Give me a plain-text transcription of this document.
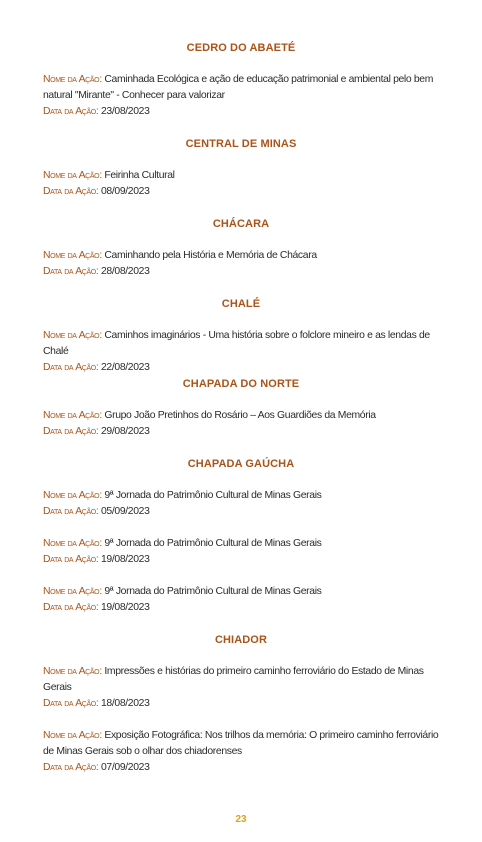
CEDRO DO ABAETÉ
Nome da Ação: Caminhada Ecológica e ação de educação patrimonial e ambiental pelo bem natural "Mirante" - Conhecer para valorizar
Data da Ação: 23/08/2023
CENTRAL DE MINAS
Nome da Ação: Feirinha Cultural
Data da Ação: 08/09/2023
CHÁCARA
Nome da Ação: Caminhando pela História e Memória de Chácara
Data da Ação: 28/08/2023
CHALÉ
Nome da Ação: Caminhos imaginários - Uma história sobre o folclore mineiro e as lendas de Chalé
Data da Ação: 22/08/2023
CHAPADA DO NORTE
Nome da Ação: Grupo João Pretinhos do Rosário – Aos Guardiões da Memória
Data da Ação: 29/08/2023
CHAPADA GAÚCHA
Nome da Ação: 9ª Jornada do Patrimônio Cultural de Minas Gerais
Data da Ação: 05/09/2023
Nome da Ação: 9ª Jornada do Patrimônio Cultural de Minas Gerais
Data da Ação: 19/08/2023
Nome da Ação: 9ª Jornada do Patrimônio Cultural de Minas Gerais
Data da Ação: 19/08/2023
CHIADOR
Nome da Ação: Impressões e histórias do primeiro caminho ferroviário do Estado de Minas Gerais
Data da Ação: 18/08/2023
Nome da Ação: Exposição Fotográfica: Nos trilhos da memória: O primeiro caminho ferroviário de Minas Gerais sob o olhar dos chiadorenses
Data da Ação: 07/09/2023
23
